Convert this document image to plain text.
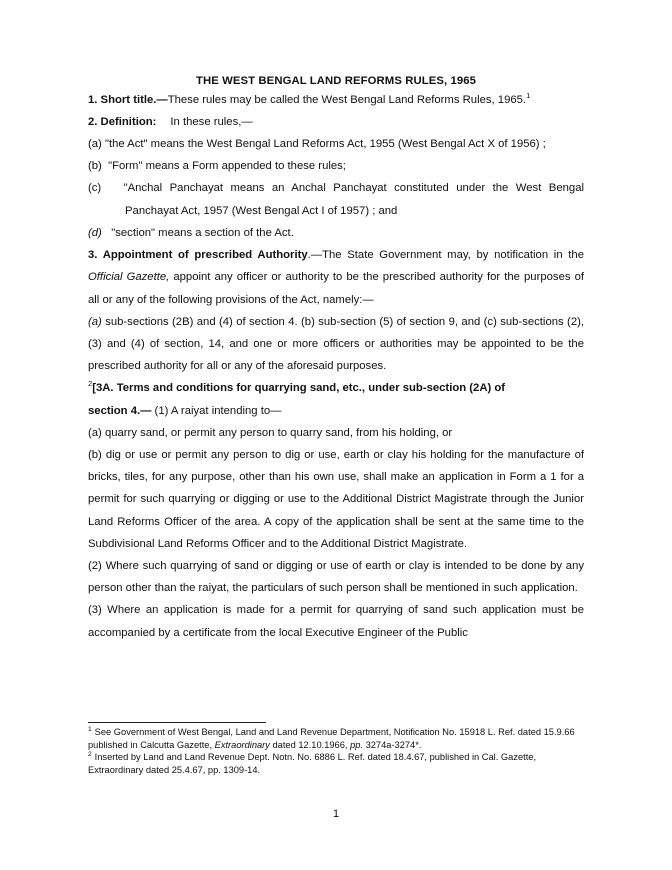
THE WEST BENGAL LAND REFORMS RULES, 1965

1. Short title.—These rules may be called the West Bengal Land Reforms Rules, 1965.$^1$

2. Definition: In these rules,—

(a) "the Act" means the West Bengal Land Reforms Act, 1955 (West Bengal Act X of 1956) ;

(b) "Form" means a Form appended to these rules;

(c) "Anchal Panchayat means an Anchal Panchayat constituted under the West Bengal Panchayat Act, 1957 (West Bengal Act I of 1957) ; and

(d) "section" means a section of the Act.

3. Appointment of prescribed Authority.—The State Government may, by notification in the Official Gazette, appoint any officer or authority to be the prescribed authority for the purposes of all or any of the following provisions of the Act, namely:—

(a) sub-sections (2B) and (4) of section 4. (b) sub-section (5) of section 9, and (c) sub-sections (2), (3) and (4) of section, 14, and one or more officers or authorities may be appointed to be the prescribed authority for all or any of the aforesaid purposes.

$^2$[3A. Terms and conditions for quarrying sand, etc., under sub-section (2A) of

section 4.— (1) A raiyat intending to—

(a) quarry sand, or permit any person to quarry sand, from his holding, or

(b) dig or use or permit any person to dig or use, earth or clay his holding for the manufacture of bricks, tiles, for any purpose, other than his own use, shall make an application in Form a 1 for a permit for such quarrying or digging or use to the Additional District Magistrate through the Junior Land Reforms Officer of the area. A copy of the application shall be sent at the same time to the Subdivisional Land Reforms Officer and to the Additional District Magistrate.

(2) Where such quarrying of sand or digging or use of earth or clay is intended to be done by any person other than the raiyat, the particulars of such person shall be mentioned in such application.

(3) Where an application is made for a permit for quarrying of sand such application must be accompanied by a certificate from the local Executive Engineer of the Public

$^1$ See Government of West Bengal, Land and Land Revenue Department, Notification No. 15918 L. Ref. dated 15.9.66 published in Calcutta Gazette, Extraordinary dated 12.10.1966, pp. 3274a-3274*.

$^2$ Inserted by Land and Land Revenue Dept. Notn. No. 6886 L. Ref. dated 18.4.67, published in Cal. Gazette, Extraordinary dated 25.4.67, pp. 1309-14.

1
